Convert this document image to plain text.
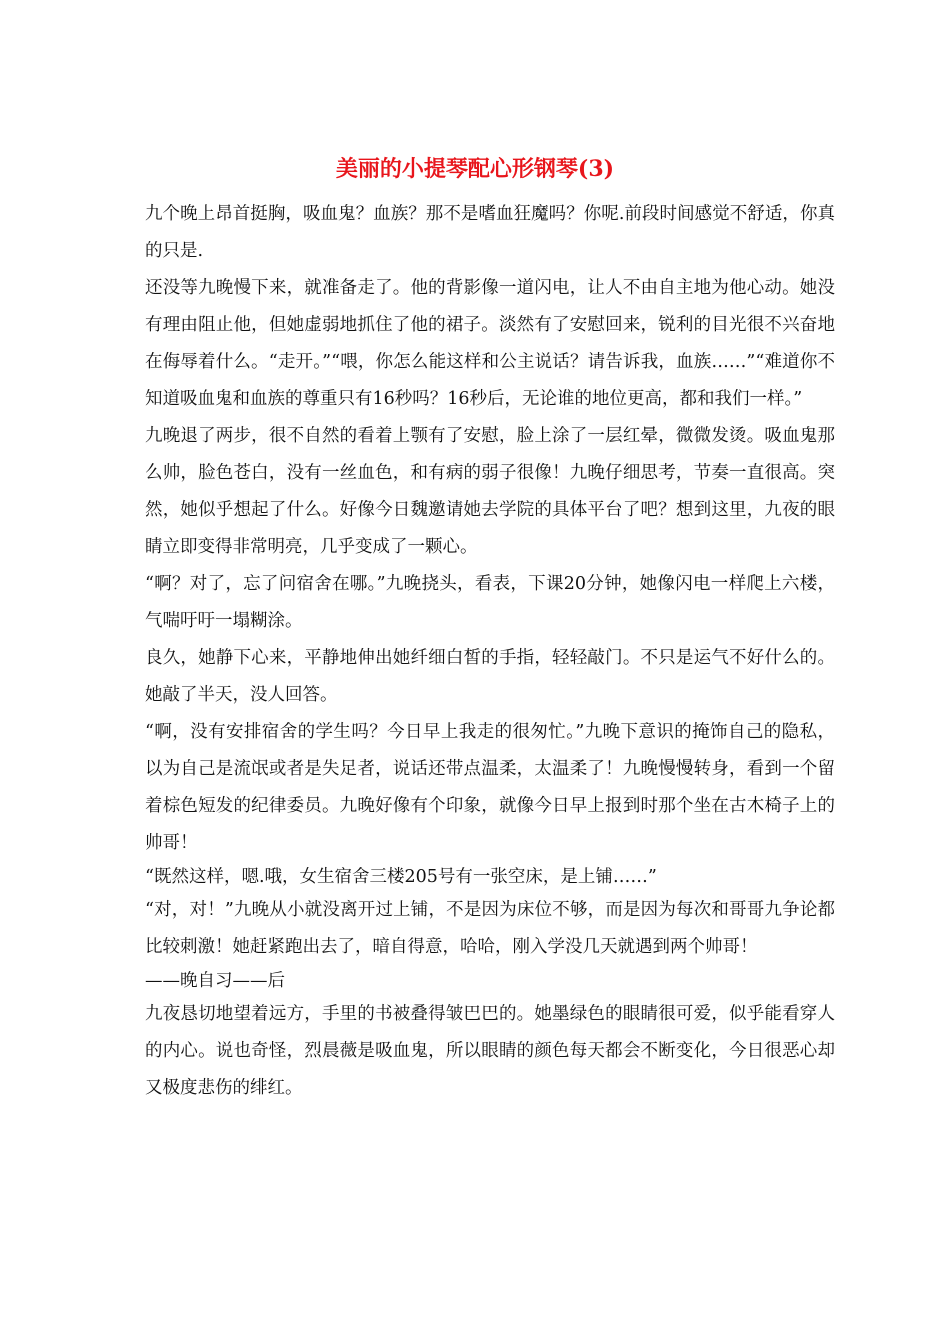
美丽的小提琴配心形钢琴(3)

九个晚上昂首挺胸，吸血鬼？血族？那不是嗜血狂魔吗？你呢.前段时间感觉不舒适，你真的只是.

还没等九晚慢下来，就准备走了。他的背影像一道闪电，让人不由自主地为他心动。她没有理由阻止他，但她虚弱地抓住了他的裙子。淡然有了安慰回来，锐利的目光很不兴奋地在侮辱着什么。“走开。”“喂，你怎么能这样和公主说话？请告诉我，血族……”“难道你不知道吸血鬼和血族的尊重只有16秒吗？16秒后，无论谁的地位更高，都和我们一样。”

九晚退了两步，很不自然的看着上颚有了安慰，脸上涂了一层红晕，微微发烫。吸血鬼那么帅，脸色苍白，没有一丝血色，和有病的弱子很像！九晚仔细思考，节奏一直很高。突然，她似乎想起了什么。好像今日魏邀请她去学院的具体平台了吧？想到这里，九夜的眼睛立即变得非常明亮，几乎变成了一颗心。

“啊？对了，忘了问宿舍在哪。”九晚挠头，看表，下课20分钟，她像闪电一样爬上六楼，气喘吁吁一塌糊涂。

良久，她静下心来，平静地伸出她纤细白皙的手指，轻轻敲门。不只是运气不好什么的。她敲了半天，没人回答。

“啊，没有安排宿舍的学生吗？今日早上我走的很匆忙。”九晚下意识的掩饰自己的隐私，以为自己是流氓或者是失足者，说话还带点温柔，太温柔了！九晚慢慢转身，看到一个留着棕色短发的纪律委员。九晚好像有个印象，就像今日早上报到时那个坐在古木椅子上的帅哥！

“既然这样，嗯.哦，女生宿舍三楼205号有一张空床，是上铺……”

“对，对！”九晚从小就没离开过上铺，不是因为床位不够，而是因为每次和哥哥九争论都比较刺激！她赶紧跑出去了，暗自得意，哈哈，刚入学没几天就遇到两个帅哥！

——晚自习——后

九夜恳切地望着远方，手里的书被叠得皱巴巴的。她墨绿色的眼睛很可爱，似乎能看穿人的内心。说也奇怪，烈晨薇是吸血鬼，所以眼睛的颜色每天都会不断变化，今日很恶心却又极度悲伤的绯红。
